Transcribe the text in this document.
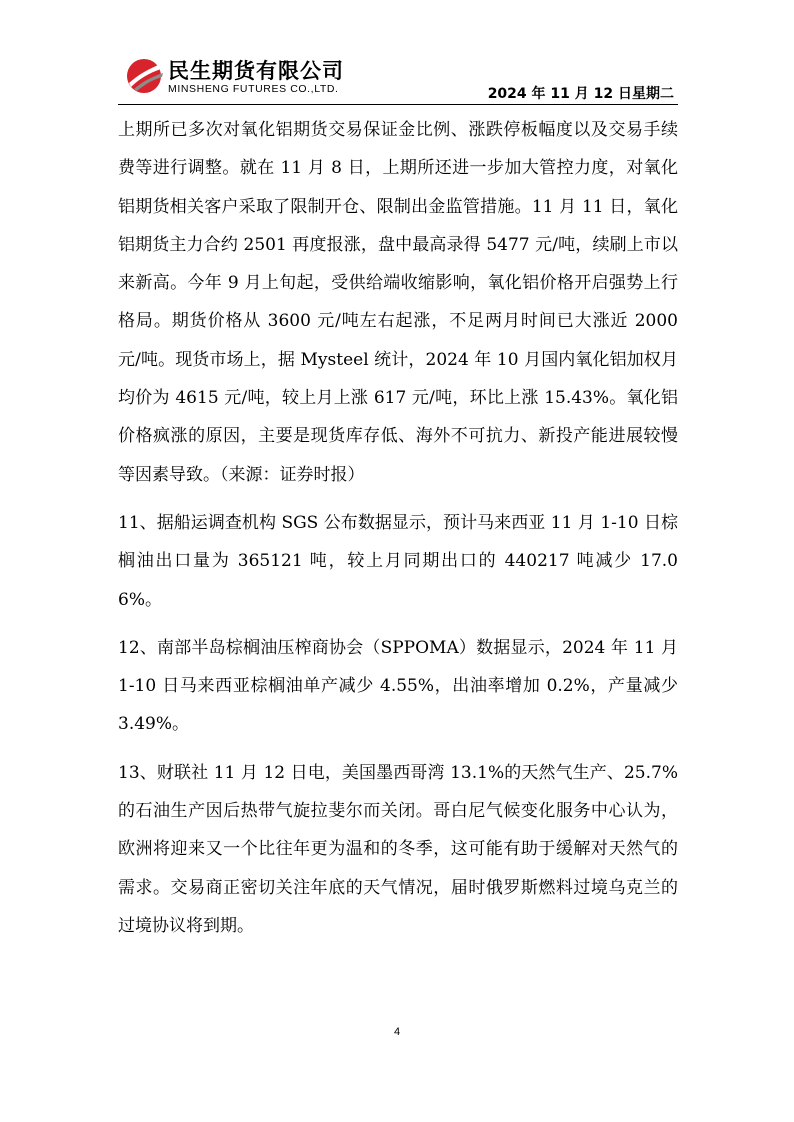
民生期货有限公司
MINSHENG FUTURES CO.,LTD.	2024 年 11 月 12 日星期二

上期所已多次对氧化铝期货交易保证金比例、涨跌停板幅度以及交易手续费等进行调整。就在 11 月 8 日，上期所还进一步加大管控力度，对氧化铝期货相关客户采取了限制开仓、限制出金监管措施。11 月 11 日，氧化铝期货主力合约 2501 再度报涨，盘中最高录得 5477 元/吨，续刷上市以来新高。今年 9 月上旬起，受供给端收缩影响，氧化铝价格开启强势上行格局。期货价格从 3600 元/吨左右起涨，不足两月时间已大涨近 2000 元/吨。现货市场上，据 Mysteel 统计，2024 年 10 月国内氧化铝加权月均价为 4615 元/吨，较上月上涨 617 元/吨，环比上涨 15.43%。氧化铝价格疯涨的原因，主要是现货库存低、海外不可抗力、新投产能进展较慢等因素导致。（来源：证券时报）

11、据船运调查机构 SGS 公布数据显示，预计马来西亚 11 月 1-10 日棕榈油出口量为 365121 吨，较上月同期出口的 440217 吨减少 17.06%。

12、南部半岛棕榈油压榨商协会（SPPOMA）数据显示，2024 年 11 月 1-10 日马来西亚棕榈油单产减少 4.55%，出油率增加 0.2%，产量减少 3.49%。

13、财联社 11 月 12 日电，美国墨西哥湾 13.1%的天然气生产、25.7%的石油生产因后热带气旋拉斐尔而关闭。哥白尼气候变化服务中心认为，欧洲将迎来又一个比往年更为温和的冬季，这可能有助于缓解对天然气的需求。交易商正密切关注年底的天气情况，届时俄罗斯燃料过境乌克兰的过境协议将到期。

4
